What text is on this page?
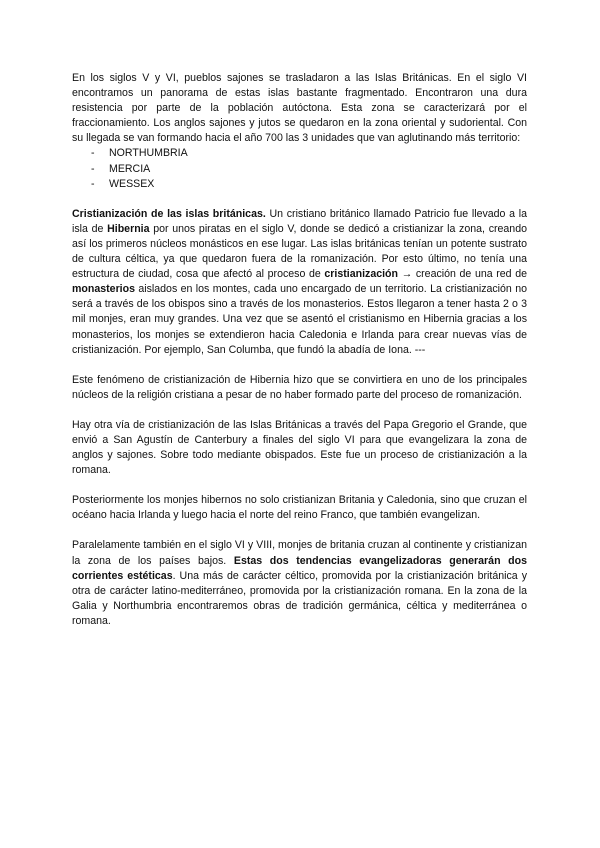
En los siglos V y VI, pueblos sajones se trasladaron a las Islas Británicas. En el siglo VI encontramos un panorama de estas islas bastante fragmentado. Encontraron una dura resistencia por parte de la población autóctona. Esta zona se caracterizará por el fraccionamiento. Los anglos sajones y jutos se quedaron en la zona oriental y sudoriental. Con su llegada se van formando hacia el año 700 las 3 unidades que van aglutinando más territorio:

- NORTHUMBRIA
- MERCIA
- WESSEX

Cristianización de las islas británicas. Un cristiano británico llamado Patricio fue llevado a la isla de Hibernia por unos piratas en el siglo V, donde se dedicó a cristianizar la zona, creando así los primeros núcleos monásticos en ese lugar. Las islas británicas tenían un potente sustrato de cultura céltica, ya que quedaron fuera de la romanización. Por esto último, no tenía una estructura de ciudad, cosa que afectó al proceso de cristianización → creación de una red de monasterios aislados en los montes, cada uno encargado de un territorio. La cristianización no será a través de los obispos sino a través de los monasterios. Estos llegaron a tener hasta 2 o 3 mil monjes, eran muy grandes. Una vez que se asentó el cristianismo en Hibernia gracias a los monasterios, los monjes se extendieron hacia Caledonia e Irlanda para crear nuevas vías de cristianización. Por ejemplo, San Columba, que fundó la abadía de Iona. ---

Este fenómeno de cristianización de Hibernia hizo que se convirtiera en uno de los principales núcleos de la religión cristiana a pesar de no haber formado parte del proceso de romanización.

Hay otra vía de cristianización de las Islas Británicas a través del Papa Gregorio el Grande, que envió a San Agustín de Canterbury a finales del siglo VI para que evangelizara la zona de anglos y sajones. Sobre todo mediante obispados. Este fue un proceso de cristianización a la romana.

Posteriormente los monjes hibernos no solo cristianizan Britania y Caledonia, sino que cruzan el océano hacia Irlanda y luego hacia el norte del reino Franco, que también evangelizan.

Paralelamente también en el siglo VI y VIII, monjes de britania cruzan al continente y cristianizan la zona de los países bajos. Estas dos tendencias evangelizadoras generarán dos corrientes estéticas. Una más de carácter céltico, promovida por la cristianización británica y otra de carácter latino-mediterráneo, promovida por la cristianización romana. En la zona de la Galia y Northumbria encontraremos obras de tradición germánica, céltica y mediterránea o romana.
